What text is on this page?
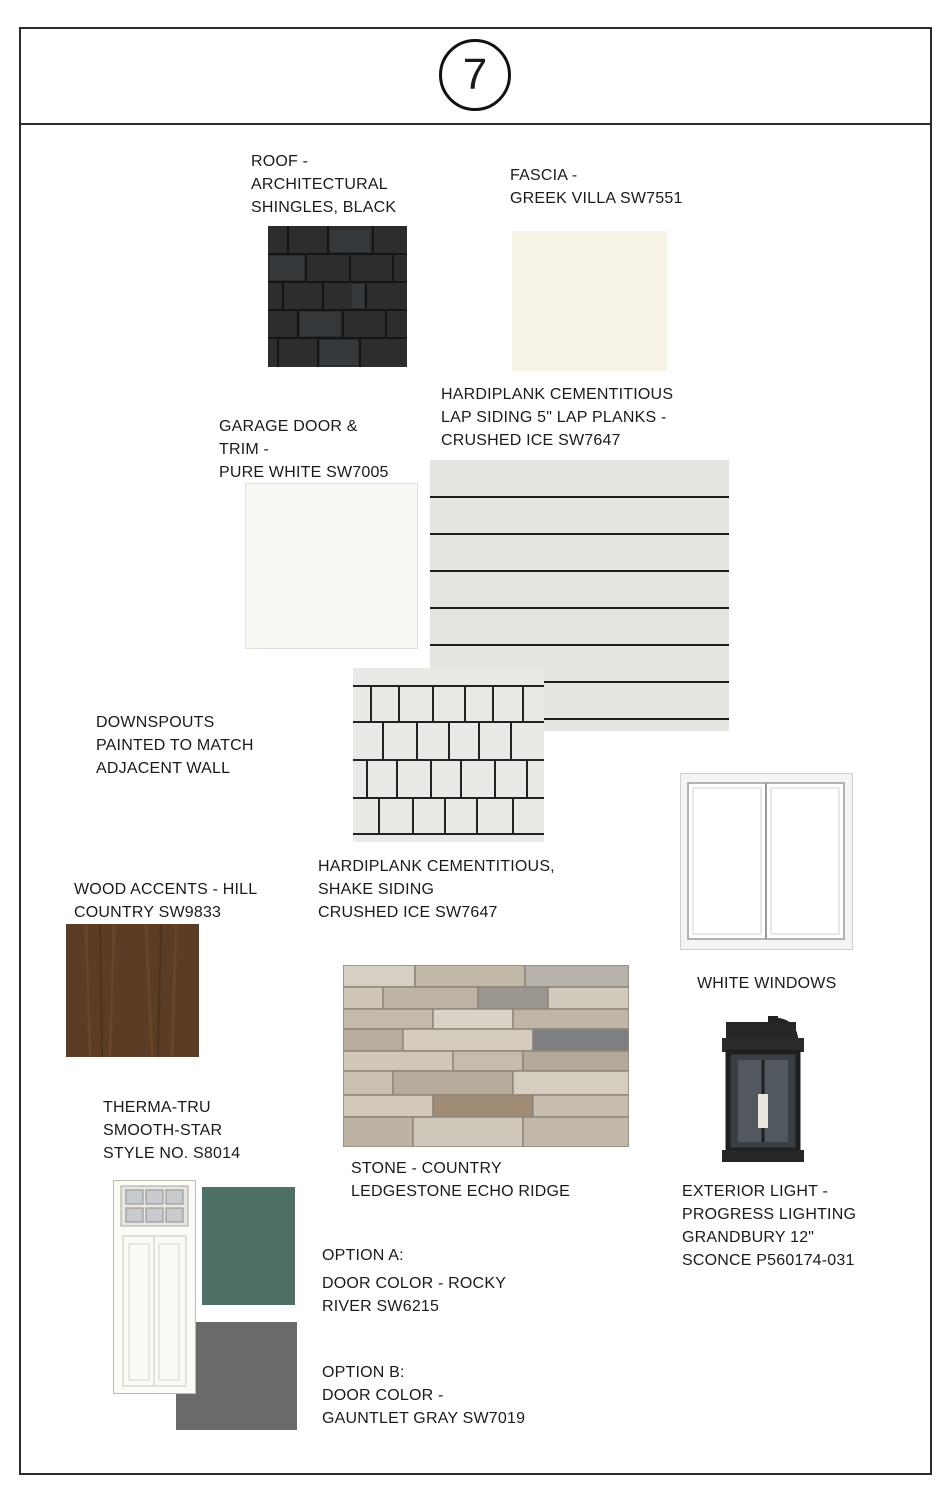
7
ROOF -
ARCHITECTURAL
SHINGLES, BLACK
FASCIA -
GREEK VILLA SW7551
HARDIPLANK CEMENTITIOUS
LAP SIDING 5" LAP PLANKS -
CRUSHED ICE SW7647
GARAGE DOOR &
TRIM -
PURE WHITE SW7005
DOWNSPOUTS
PAINTED TO MATCH
ADJACENT WALL
HARDIPLANK CEMENTITIOUS,
SHAKE SIDING
CRUSHED ICE SW7647
WHITE WINDOWS
WOOD ACCENTS - HILL
COUNTRY SW9833
STONE - COUNTRY
LEDGESTONE ECHO RIDGE	EXTERIOR LIGHT -
PROGRESS LIGHTING
GRANDBURY 12"
SCONCE P560174-031
THERMA-TRU
SMOOTH-STAR
STYLE NO. S8014
OPTION A:
DOOR COLOR - ROCKY
RIVER SW6215
OPTION B:
DOOR COLOR -
GAUNTLET GRAY SW7019
